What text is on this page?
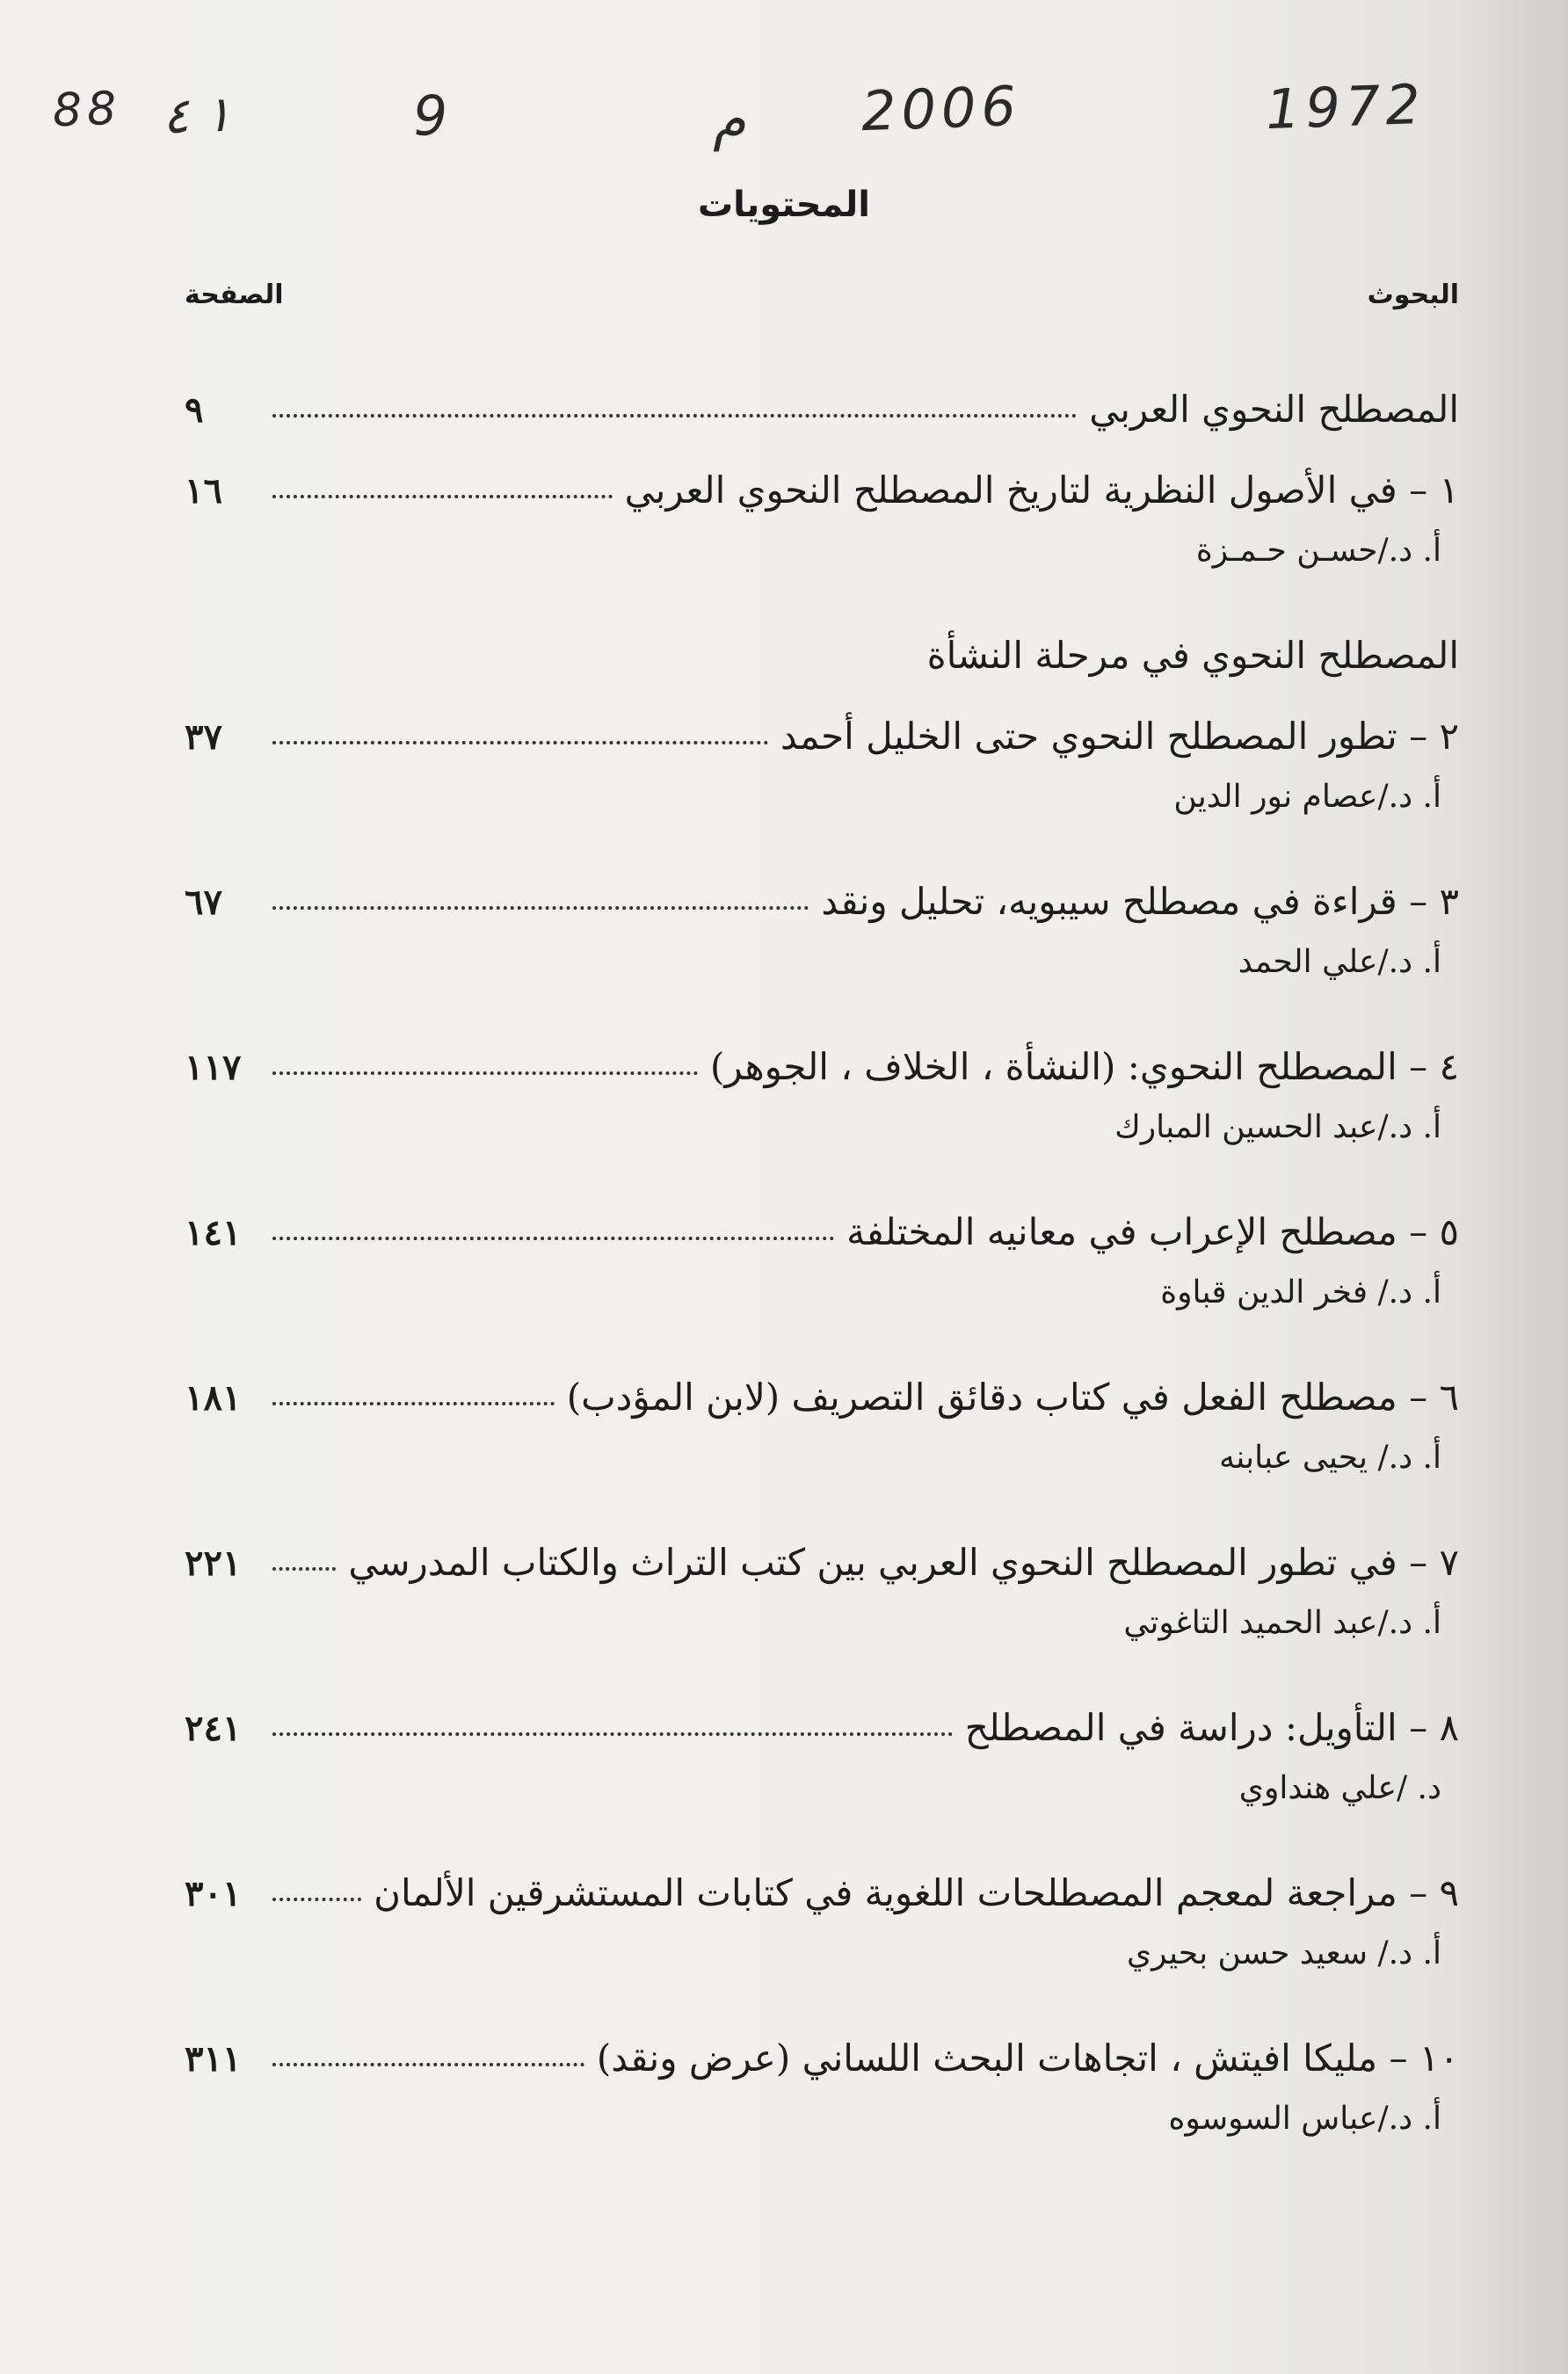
1972
2006
م
9
١ ٤
88
المحتويات
البحوث
الصفحة
المصطلح النحوي العربي
٩
١ – في الأصول النظرية لتاريخ المصطلح النحوي العربي
١٦
أ. د./حسـن حـمـزة
المصطلح النحوي في مرحلة النشأة
٢ – تطور المصطلح النحوي حتى الخليل أحمد
٣٧
أ. د./عصام نور الدين
٣ – قراءة في مصطلح سيبويه، تحليل ونقد
٦٧
أ. د./علي الحمد
٤ – المصطلح النحوي: (النشأة ، الخلاف ، الجوهر)
١١٧
أ. د./عبد الحسين المبارك
٥ – مصطلح الإعراب في معانيه المختلفة
١٤١
أ. د./ فخر الدين قباوة
٦ – مصطلح الفعل في كتاب دقائق التصريف (لابن المؤدب)
١٨١
أ. د./ يحيى عبابنه
٧ – في تطور المصطلح النحوي العربي بين كتب التراث والكتاب المدرسي
٢٢١
أ. د./عبد الحميد التاغوتي
٨ – التأويل: دراسة في المصطلح
٢٤١
د. /علي هنداوي
٩ – مراجعة لمعجم المصطلحات اللغوية في كتابات المستشرقين الألمان
٣٠١
أ. د./ سعيد حسن بحيري
١٠ – مليكا افيتش ، اتجاهات البحث اللساني (عرض ونقد)
٣١١
أ. د./عباس السوسوه
